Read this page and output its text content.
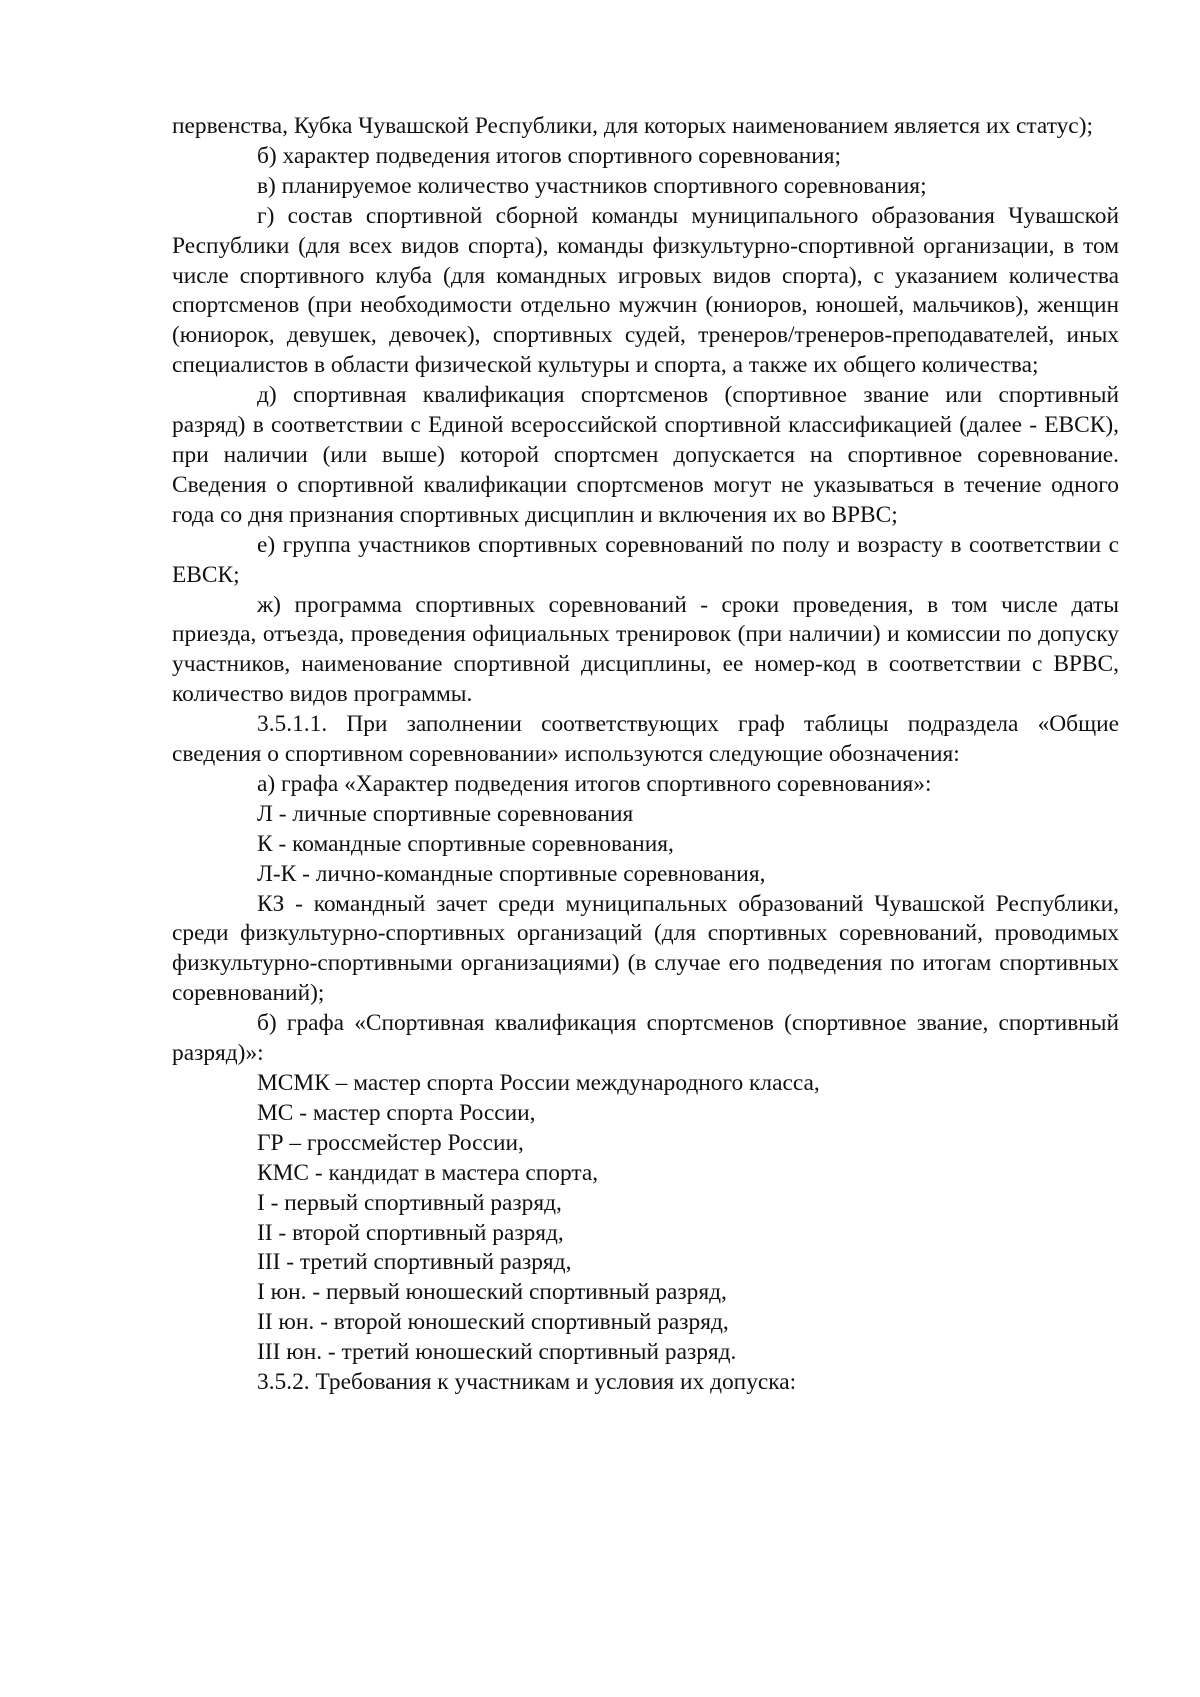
первенства, Кубка Чувашской Республики, для которых наименованием является их статус);

б) характер подведения итогов спортивного соревнования;

в) планируемое количество участников спортивного соревнования;

г) состав спортивной сборной команды муниципального образования Чувашской Республики (для всех видов спорта), команды физкультурно-спортивной организации, в том числе спортивного клуба (для командных игровых видов спорта), с указанием количества спортсменов (при необходимости отдельно мужчин (юниоров, юношей, мальчиков), женщин (юниорок, девушек, девочек), спортивных судей, тренеров/тренеров-преподавателей, иных специалистов в области физической культуры и спорта, а также их общего количества;

д) спортивная квалификация спортсменов (спортивное звание или спортивный разряд) в соответствии с Единой всероссийской спортивной классификацией (далее - ЕВСК), при наличии (или выше) которой спортсмен допускается на спортивное соревнование. Сведения о спортивной квалификации спортсменов могут не указываться в течение одного года со дня признания спортивных дисциплин и включения их во ВРВС;

е) группа участников спортивных соревнований по полу и возрасту в соответствии с ЕВСК;

ж) программа спортивных соревнований - сроки проведения, в том числе даты приезда, отъезда, проведения официальных тренировок (при наличии) и комиссии по допуску участников, наименование спортивной дисциплины, ее номер-код в соответствии с ВРВС, количество видов программы.

3.5.1.1. При заполнении соответствующих граф таблицы подраздела «Общие сведения о спортивном соревновании» используются следующие обозначения:

а) графа «Характер подведения итогов спортивного соревнования»:

Л - личные спортивные соревнования

К - командные спортивные соревнования,

Л-К - лично-командные спортивные соревнования,

КЗ - командный зачет среди муниципальных образований Чувашской Республики, среди физкультурно-спортивных организаций (для спортивных соревнований, проводимых физкультурно-спортивными организациями) (в случае его подведения по итогам спортивных соревнований);

б) графа «Спортивная квалификация спортсменов (спортивное звание, спортивный разряд)»:

МСМК – мастер спорта России международного класса,

МС - мастер спорта России,

ГР – гроссмейстер России,

КМС - кандидат в мастера спорта,

I - первый спортивный разряд,

II - второй спортивный разряд,

III - третий спортивный разряд,

I юн. - первый юношеский спортивный разряд,

II юн. - второй юношеский спортивный разряд,

III юн. - третий юношеский спортивный разряд.

3.5.2. Требования к участникам и условия их допуска:
